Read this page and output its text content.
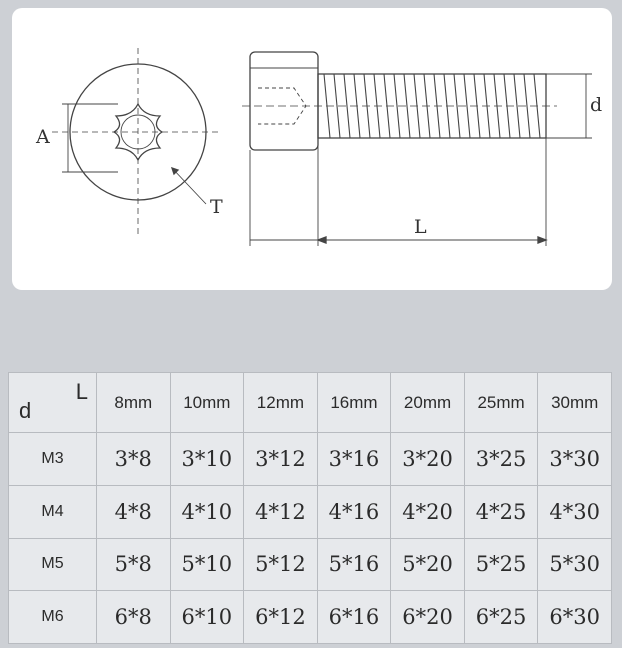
A
T
d
L
d
L	8mm	10mm	12mm	16mm	20mm	25mm	30mm
M3	3*8	3*10	3*12	3*16	3*20	3*25	3*30
M4	4*8	4*10	4*12	4*16	4*20	4*25	4*30
M5	5*8	5*10	5*12	5*16	5*20	5*25	5*30
M6	6*8	6*10	6*12	6*16	6*20	6*25	6*30
